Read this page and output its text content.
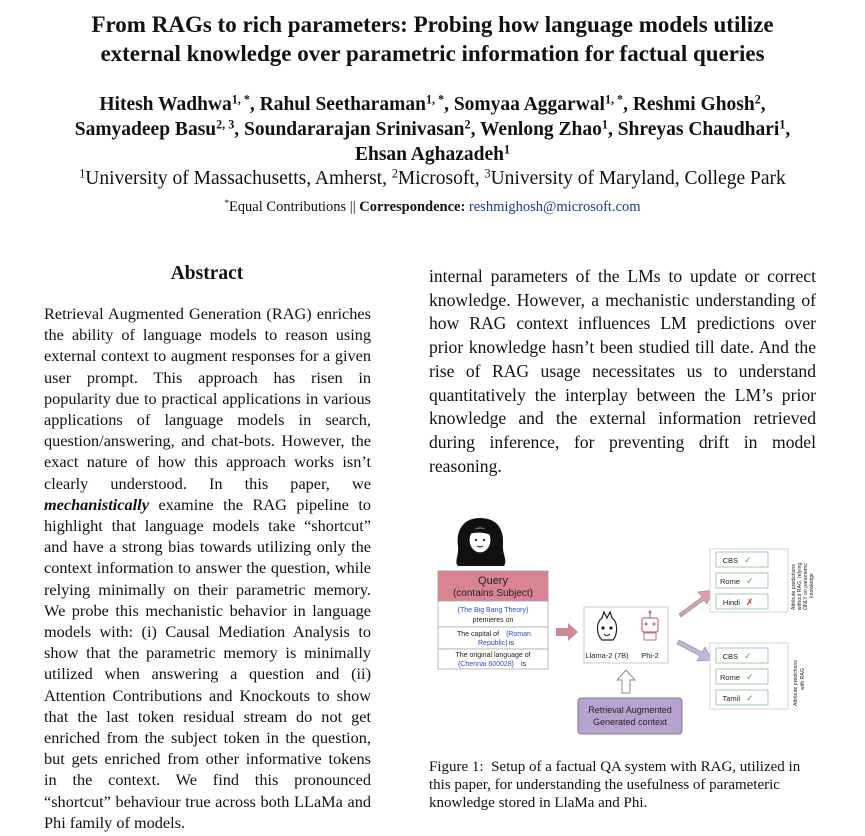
From RAGs to rich parameters: Probing how language models utilize
external knowledge over parametric information for factual queries
Hitesh Wadhwa$^{1, *}$, Rahul Seetharaman$^{1, *}$, Somyaa Aggarwal$^{1, *}$, Reshmi Ghosh$^2$,
Samyadeep Basu$^{2, 3}$, Soundararajan Srinivasan$^2$, Wenlong Zhao$^1$, Shreyas Chaudhari$^1$,
Ehsan Aghazadeh$^1$
$^1$University of Massachusetts, Amherst, $^2$Microsoft, $^3$University of Maryland, College Park
*Equal Contributions || Correspondence: reshmighosh@microsoft.com
Abstract
Retrieval Augmented Generation (RAG) enriches the ability of language models to reason using external context to augment responses for a given user prompt. This approach has risen in popularity due to practical applications in various applications of language models in search, question/answering, and chat-bots. However, the exact nature of how this approach works isn’t clearly understood. In this paper, we mechanistically examine the RAG pipeline to highlight that language models take “shortcut” and have a strong bias towards utilizing only the context information to answer the question, while relying minimally on their parametric memory. We probe this mechanistic behavior in language models with: (i) Causal Mediation Analysis to show that the parametric memory is minimally utilized when answering a question and (ii) Attention Contributions and Knockouts to show that the last token residual stream do not get enriched from the subject token in the question, but gets enriched from other informative tokens in the context. We find this pronounced “shortcut” behaviour true across both LLaMa and Phi family of models.
internal parameters of the LMs to update or correct knowledge. However, a mechanistic understanding of how RAG context influences LM predictions over prior knowledge hasn’t been studied till date. And the rise of RAG usage necessitates us to understand quantitatively the interplay between the LM’s prior knowledge and the external information retrieved during inference, for preventing drift in model reasoning.
Query
(contains Subject)
{The Big Bang Theory}
premieres on
The capital of {Roman
Republic} is
The original language of
{Chennai 600028} is
Llama-2 (7B) Phi-2
Retrieval Augmented
Generated context
CBS ✓
Rome ✓
Hindi ✗	Attribute predictions without RAG, relying ONLY on parametric knowledge
CBS ✓
Rome ✓
Tamil ✓	Attribute predictions with RAG
Figure 1: Setup of a factual QA system with RAG, utilized in this paper, for understanding the usefulness of parameteric knowledge stored in LlaMa and Phi.
